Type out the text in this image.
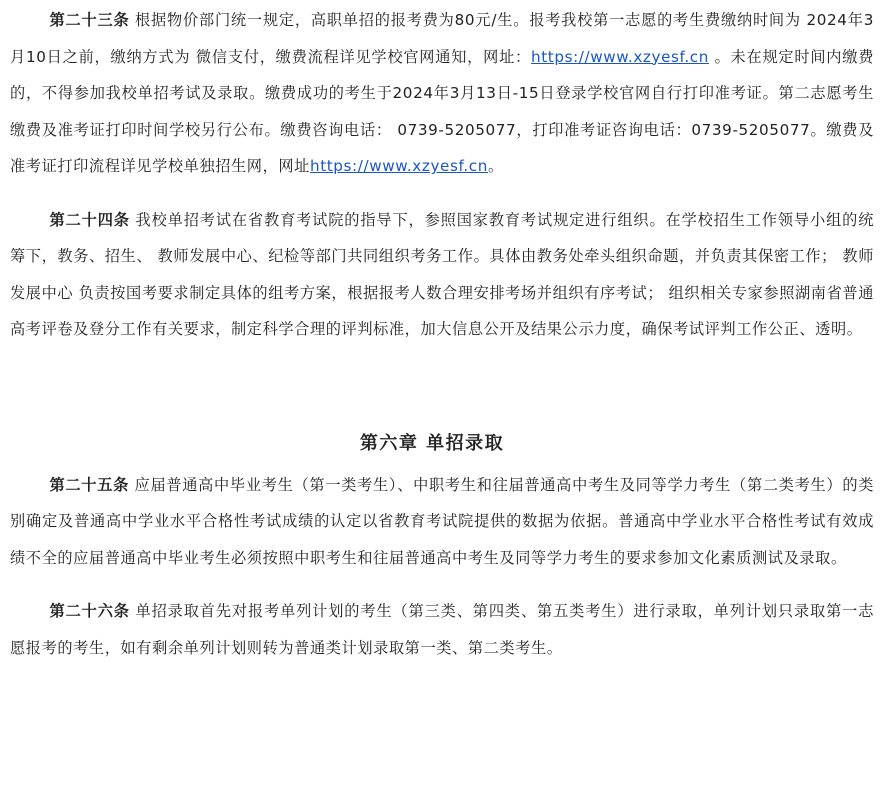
第二十三条 根据物价部门统一规定，高职单招的报考费为80元/生。报考我校第一志愿的考生费缴纳时间为 2024年3月10日之前，缴纳方式为 微信支付，缴费流程详见学校官网通知，网址：https://www.xzyesf.cn 。未在规定时间内缴费的，不得参加我校单招考试及录取。缴费成功的考生于2024年3月13日-15日登录学校官网自行打印准考证。第二志愿考生缴费及准考证打印时间学校另行公布。缴费咨询电话： 0739-5205077，打印准考证咨询电话：0739-5205077。缴费及准考证打印流程详见学校单独招生网，网址https://www.xzyesf.cn。

第二十四条 我校单招考试在省教育考试院的指导下，参照国家教育考试规定进行组织。在学校招生工作领导小组的统筹下，教务、招生、 教师发展中心、纪检等部门共同组织考务工作。具体由教务处牵头组织命题，并负责其保密工作； 教师发展中心 负责按国考要求制定具体的组考方案，根据报考人数合理安排考场并组织有序考试； 组织相关专家参照湖南省普通高考评卷及登分工作有关要求，制定科学合理的评判标准，加大信息公开及结果公示力度，确保考试评判工作公正、透明。

第六章 单招录取

第二十五条 应届普通高中毕业考生（第一类考生）、中职考生和往届普通高中考生及同等学力考生（第二类考生）的类别确定及普通高中学业水平合格性考试成绩的认定以省教育考试院提供的数据为依据。普通高中学业水平合格性考试有效成绩不全的应届普通高中毕业考生必须按照中职考生和往届普通高中考生及同等学力考生的要求参加文化素质测试及录取。

第二十六条 单招录取首先对报考单列计划的考生（第三类、第四类、第五类考生）进行录取，单列计划只录取第一志愿报考的考生，如有剩余单列计划则转为普通类计划录取第一类、第二类考生。
